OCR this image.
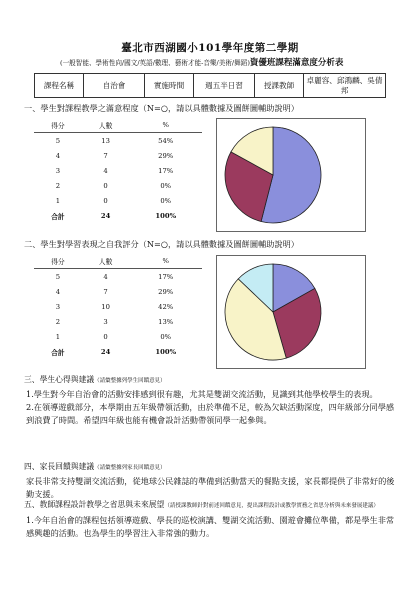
臺北市西湖國小101學年度第二學期
(一般智能、學術性向/國文/英語/數理、藝術才能-音樂/美術/舞蹈)資優班課程滿意度分析表
課程名稱	自治會	實施時間	週五半日習	授課教師	卓麗容、邱鴻麟、吳倩邦
一、學生對課程教學之滿意程度（N=○，請以具體數據及圖餅圖輔助說明）
得分	人數	%
5	13	54%
4	7	29%
3	4	17%
2	0	0%
1	0	0%
合計	24	100%
二、學生對學習表現之自我評分（N=○，請以具體數據及圖餅圖輔助說明）
得分	人數	%
5	4	17%
4	7	29%
3	10	42%
2	3	13%
1	0	0%
合計	24	100%
三、學生心得與建議（請彙整據列學生回饋意見）
1.學生對今年自治會的活動安排感到很有趣，尤其是雙湖交流活動，見識到其他學校學生的表現。
2.在領導遊戲部分，本學期由五年級帶領活動，由於準備不足，較為欠缺活動深度，四年級部分同學感到浪費了時間。希望四年級也能有機會設計活動帶領同學一起參與。
四、家長回饋與建議（請彙整據列家長回饋意見）
家長非常支持雙湖交流活動，從地球公民雜誌的準備到活動當天的餐點支援，家長都提供了非常好的後勤支援。
五、教師課程設計教學之省思與未來展望（請授課教師針對前述回饋意見，提出課程設計或教學實務之省思分析與未來發展建議）
1.今年自治會的課程包括領導遊戲、學長的巡校演講、雙湖交流活動、園遊會攤位準備，都是學生非常感興趣的活動。也為學生的學習注入非常強的動力。
